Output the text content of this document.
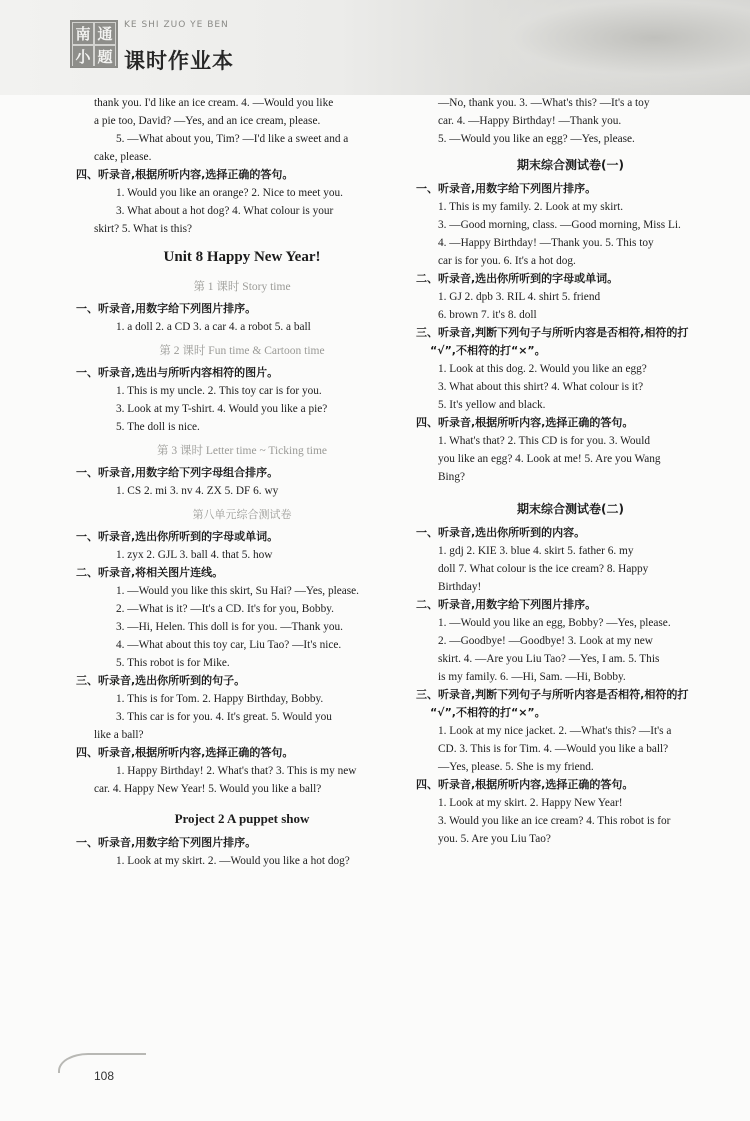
南 通
小 题
KE SHI ZUO YE BEN
课时作业本
thank you. I'd like an ice cream. 4. —Would you like
a pie too, David? —Yes, and an ice cream, please.
5. —What about you, Tim? —I'd like a sweet and a
cake, please.
四、听录音,根据所听内容,选择正确的答句。
1. Would you like an orange? 2. Nice to meet you.
3. What about a hot dog? 4. What colour is your
skirt? 5. What is this?
Unit 8 Happy New Year!
第 1 课时 Story time
一、听录音,用数字给下列图片排序。
1. a doll 2. a CD 3. a car 4. a robot 5. a ball
第 2 课时 Fun time & Cartoon time
一、听录音,选出与所听内容相符的图片。
1. This is my uncle. 2. This toy car is for you.
3. Look at my T-shirt. 4. Would you like a pie?
5. The doll is nice.
第 3 课时 Letter time ~ Ticking time
一、听录音,用数字给下列字母组合排序。
1. CS 2. mi 3. nv 4. ZX 5. DF 6. wy
第八单元综合测试卷
一、听录音,选出你所听到的字母或单词。
1. zyx 2. GJL 3. ball 4. that 5. how
二、听录音,将相关图片连线。
1. —Would you like this skirt, Su Hai? —Yes, please.
2. —What is it? —It's a CD. It's for you, Bobby.
3. —Hi, Helen. This doll is for you. —Thank you.
4. —What about this toy car, Liu Tao? —It's nice.
5. This robot is for Mike.
三、听录音,选出你所听到的句子。
1. This is for Tom. 2. Happy Birthday, Bobby.
3. This car is for you. 4. It's great. 5. Would you
like a ball?
四、听录音,根据所听内容,选择正确的答句。
1. Happy Birthday! 2. What's that? 3. This is my new
car. 4. Happy New Year! 5. Would you like a ball?
Project 2 A puppet show
一、听录音,用数字给下列图片排序。
1. Look at my skirt. 2. —Would you like a hot dog?
—No, thank you. 3. —What's this? —It's a toy
car. 4. —Happy Birthday! —Thank you.
5. —Would you like an egg? —Yes, please.
期末综合测试卷(一)
一、听录音,用数字给下列图片排序。
1. This is my family. 2. Look at my skirt.
3. —Good morning, class. —Good morning, Miss Li.
4. —Happy Birthday! —Thank you. 5. This toy
car is for you. 6. It's a hot dog.
二、听录音,选出你所听到的字母或单词。
1. GJ 2. dpb 3. RIL 4. shirt 5. friend
6. brown 7. it's 8. doll
三、听录音,判断下列句子与所听内容是否相符,相符的打
“√”,不相符的打“×”。
1. Look at this dog. 2. Would you like an egg?
3. What about this shirt? 4. What colour is it?
5. It's yellow and black.
四、听录音,根据所听内容,选择正确的答句。
1. What's that? 2. This CD is for you. 3. Would
you like an egg? 4. Look at me! 5. Are you Wang
Bing?
期末综合测试卷(二)
一、听录音,选出你所听到的内容。
1. gdj 2. KIE 3. blue 4. skirt 5. father 6. my
doll 7. What colour is the ice cream? 8. Happy
Birthday!
二、听录音,用数字给下列图片排序。
1. —Would you like an egg, Bobby? —Yes, please.
2. —Goodbye! —Goodbye! 3. Look at my new
skirt. 4. —Are you Liu Tao? —Yes, I am. 5. This
is my family. 6. —Hi, Sam. —Hi, Bobby.
三、听录音,判断下列句子与所听内容是否相符,相符的打
“√”,不相符的打“×”。
1. Look at my nice jacket. 2. —What's this? —It's a
CD. 3. This is for Tim. 4. —Would you like a ball?
—Yes, please. 5. She is my friend.
四、听录音,根据所听内容,选择正确的答句。
1. Look at my skirt. 2. Happy New Year!
3. Would you like an ice cream? 4. This robot is for
you. 5. Are you Liu Tao?
108
